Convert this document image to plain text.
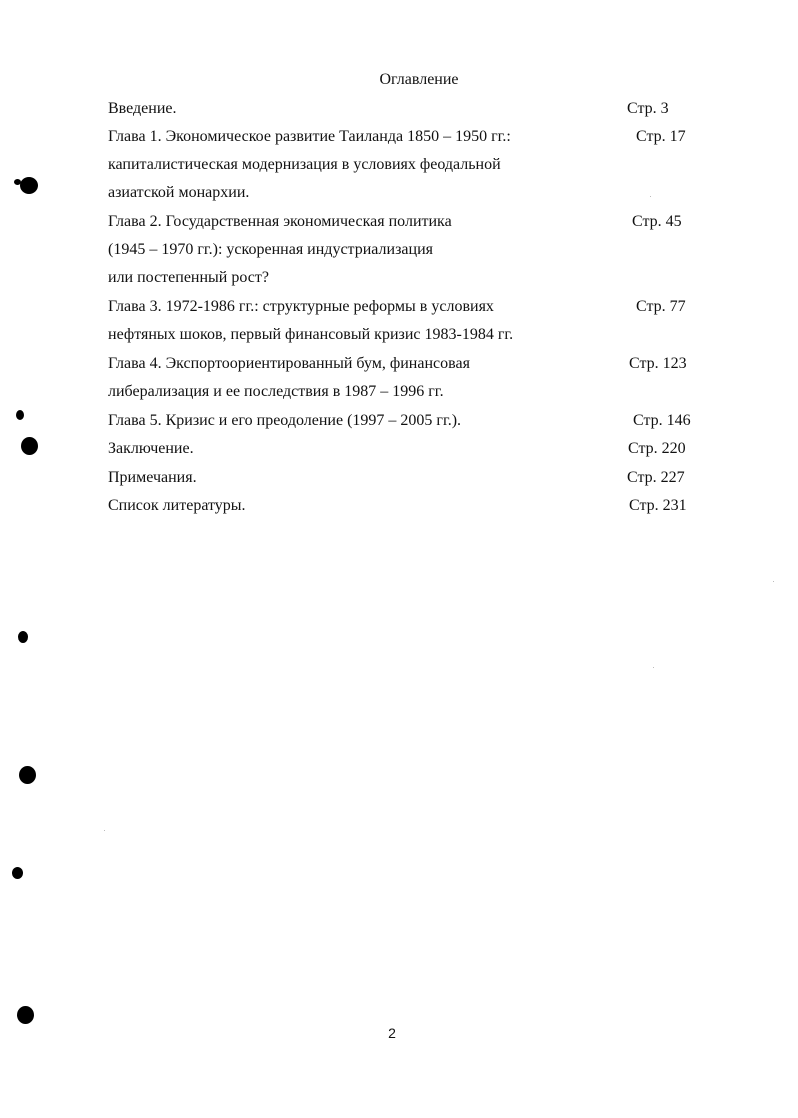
Оглавление
Введение.	Стр. 3
Глава 1. Экономическое развитие Таиланда 1850 – 1950 гг.:
капиталистическая модернизация в условиях феодальной
азиатской монархии.
Стр. 17
Глава 2. Государственная экономическая политика
(1945 – 1970 гг.): ускоренная индустриализация
или постепенный рост?
Стр. 45
Глава 3. 1972-1986 гг.: структурные реформы в условиях
нефтяных шоков, первый финансовый кризис 1983-1984 гг.
Стр. 77
Глава 4. Экспортоориентированный бум, финансовая
либерализация и ее последствия в 1987 – 1996 гг.
Стр. 123
Глава 5. Кризис и его преодоление (1997 – 2005 гг.).	Стр. 146
Заключение.	Стр. 220
Примечания.	Стр. 227
Список литературы.	Стр. 231
2
